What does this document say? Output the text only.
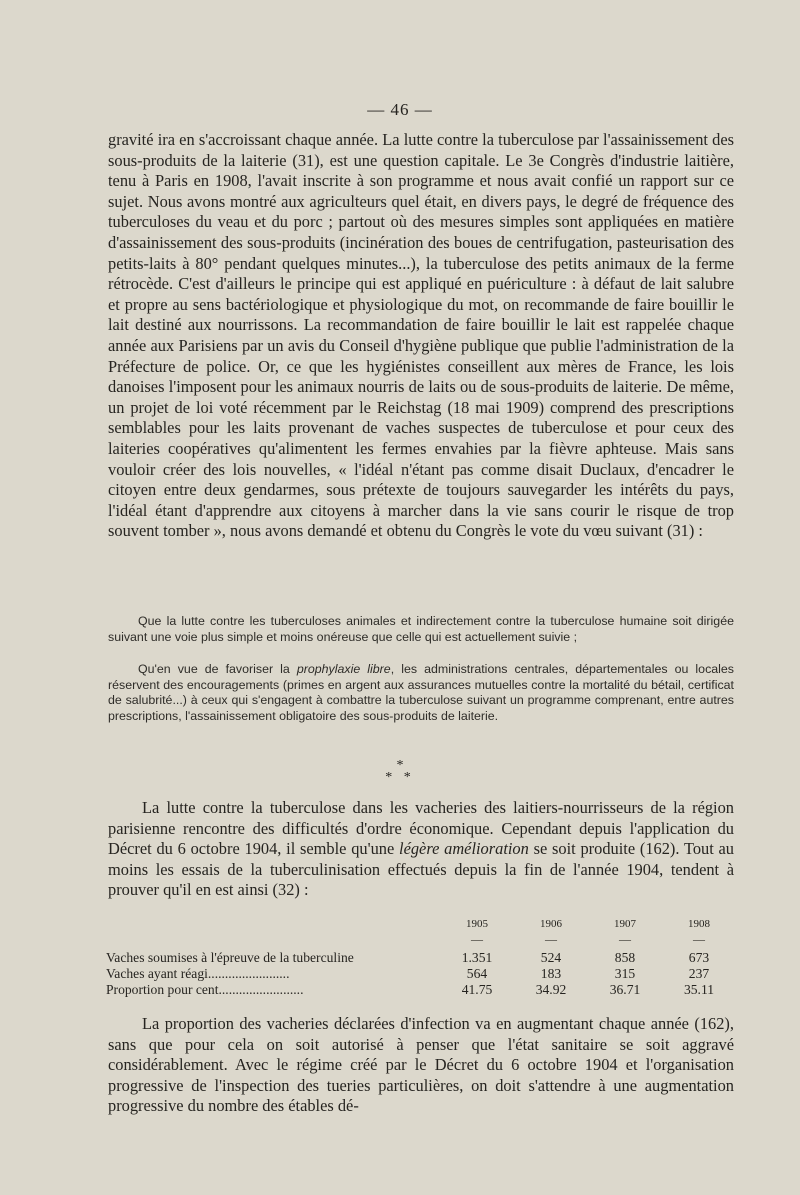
— 46 —

gravité ira en s'accroissant chaque année. La lutte contre la tuberculose par l'assainissement des sous-produits de la laiterie (31), est une question capitale. Le 3e Congrès d'industrie laitière, tenu à Paris en 1908, l'avait inscrite à son programme et nous avait confié un rapport sur ce sujet. Nous avons montré aux agriculteurs quel était, en divers pays, le degré de fréquence des tuberculoses du veau et du porc ; partout où des mesures simples sont appliquées en matière d'assainissement des sous-produits (incinération des boues de centrifugation, pasteurisation des petits-laits à 80° pendant quelques minutes...), la tuberculose des petits animaux de la ferme rétrocède. C'est d'ailleurs le principe qui est appliqué en puériculture : à défaut de lait salubre et propre au sens bactériologique et physiologique du mot, on recommande de faire bouillir le lait destiné aux nourrissons. La recommandation de faire bouillir le lait est rappelée chaque année aux Parisiens par un avis du Conseil d'hygiène publique que publie l'administration de la Préfecture de police. Or, ce que les hygiénistes conseillent aux mères de France, les lois danoises l'imposent pour les animaux nourris de laits ou de sous-produits de laiterie. De même, un projet de loi voté récemment par le Reichstag (18 mai 1909) comprend des prescriptions semblables pour les laits provenant de vaches suspectes de tuberculose et pour ceux des laiteries coopératives qu'alimentent les fermes envahies par la fièvre aphteuse. Mais sans vouloir créer des lois nouvelles, « l'idéal n'étant pas comme disait Duclaux, d'encadrer le citoyen entre deux gendarmes, sous prétexte de toujours sauvegarder les intérêts du pays, l'idéal étant d'apprendre aux citoyens à marcher dans la vie sans courir le risque de trop souvent tomber », nous avons demandé et obtenu du Congrès le vote du vœu suivant (31) :

Que la lutte contre les tuberculoses animales et indirectement contre la tuberculose humaine soit dirigée suivant une voie plus simple et moins onéreuse que celle qui est actuellement suivie ;

Qu'en vue de favoriser la prophylaxie libre, les administrations centrales, départementales ou locales réservent des encouragements (primes en argent aux assurances mutuelles contre la mortalité du bétail, certificat de salubrité...) à ceux qui s'engagent à combattre la tuberculose suivant un programme comprenant, entre autres prescriptions, l'assainissement obligatoire des sous-produits de laiterie.

*
* *

La lutte contre la tuberculose dans les vacheries des laitiers-nourrisseurs de la région parisienne rencontre des difficultés d'ordre économique. Cependant depuis l'application du Décret du 6 octobre 1904, il semble qu'une légère amélioration se soit produite (162). Tout au moins les essais de la tuberculinisation effectués depuis la fin de l'année 1904, tendent à prouver qu'il en est ainsi (32) :

	1905	1906	1907	1908
	—	—	—	—
Vaches soumises à l'épreuve de la tuberculine	1.351	524	858	673
Vaches ayant réagi........................	564	183	315	237
Proportion pour cent.........................	41.75	34.92	36.71	35.11

La proportion des vacheries déclarées d'infection va en augmentant chaque année (162), sans que pour cela on soit autorisé à penser que l'état sanitaire se soit aggravé considérablement. Avec le régime créé par le Décret du 6 octobre 1904 et l'organisation progressive de l'inspection des tueries particulières, on doit s'attendre à une augmentation progressive du nombre des étables dé-
